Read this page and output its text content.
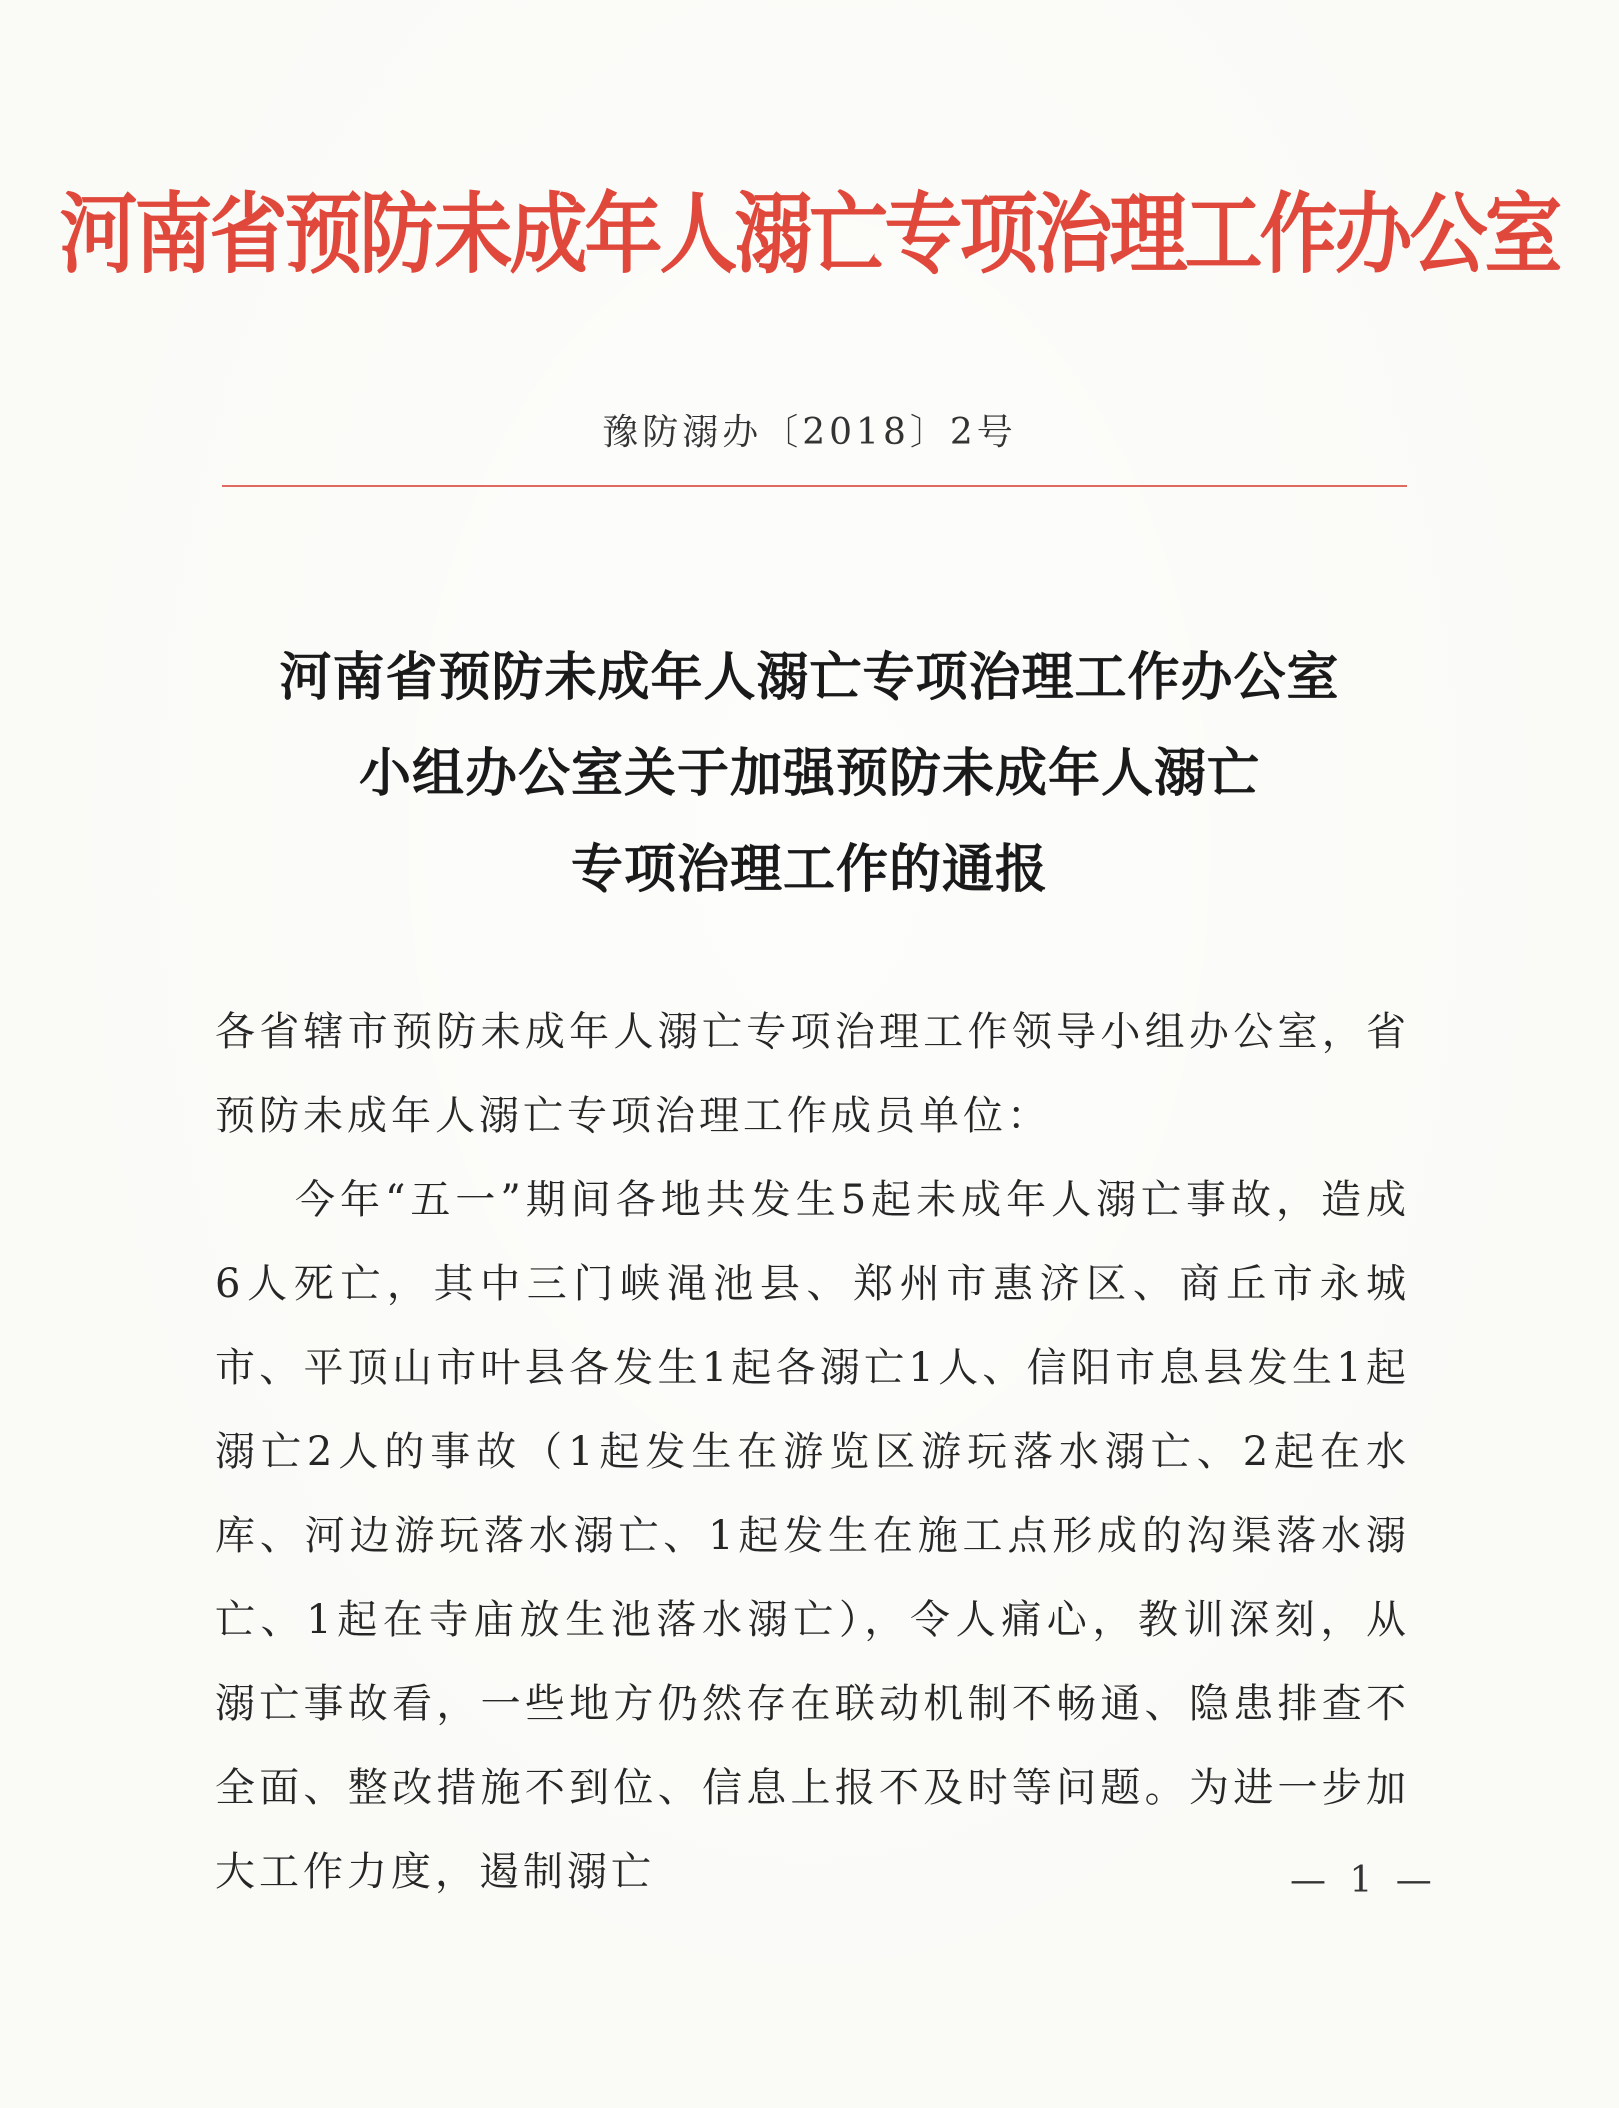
河南省预防未成年人溺亡专项治理工作办公室
豫防溺办〔2018〕2号
河南省预防未成年人溺亡专项治理工作办公室
小组办公室关于加强预防未成年人溺亡
专项治理工作的通报

各省辖市预防未成年人溺亡专项治理工作领导小组办公室，省预防未成年人溺亡专项治理工作成员单位：

今年“五一”期间各地共发生5起未成年人溺亡事故，造成6人死亡，其中三门峡渑池县、郑州市惠济区、商丘市永城市、平顶山市叶县各发生1起各溺亡1人、信阳市息县发生1起溺亡2人的事故（1起发生在游览区游玩落水溺亡、2起在水库、河边游玩落水溺亡、1起发生在施工点形成的沟渠落水溺亡、1起在寺庙放生池落水溺亡），令人痛心，教训深刻，从溺亡事故看，一些地方仍然存在联动机制不畅通、隐患排查不全面、整改措施不到位、信息上报不及时等问题。为进一步加大工作力度，遏制溺亡	— 1 —
